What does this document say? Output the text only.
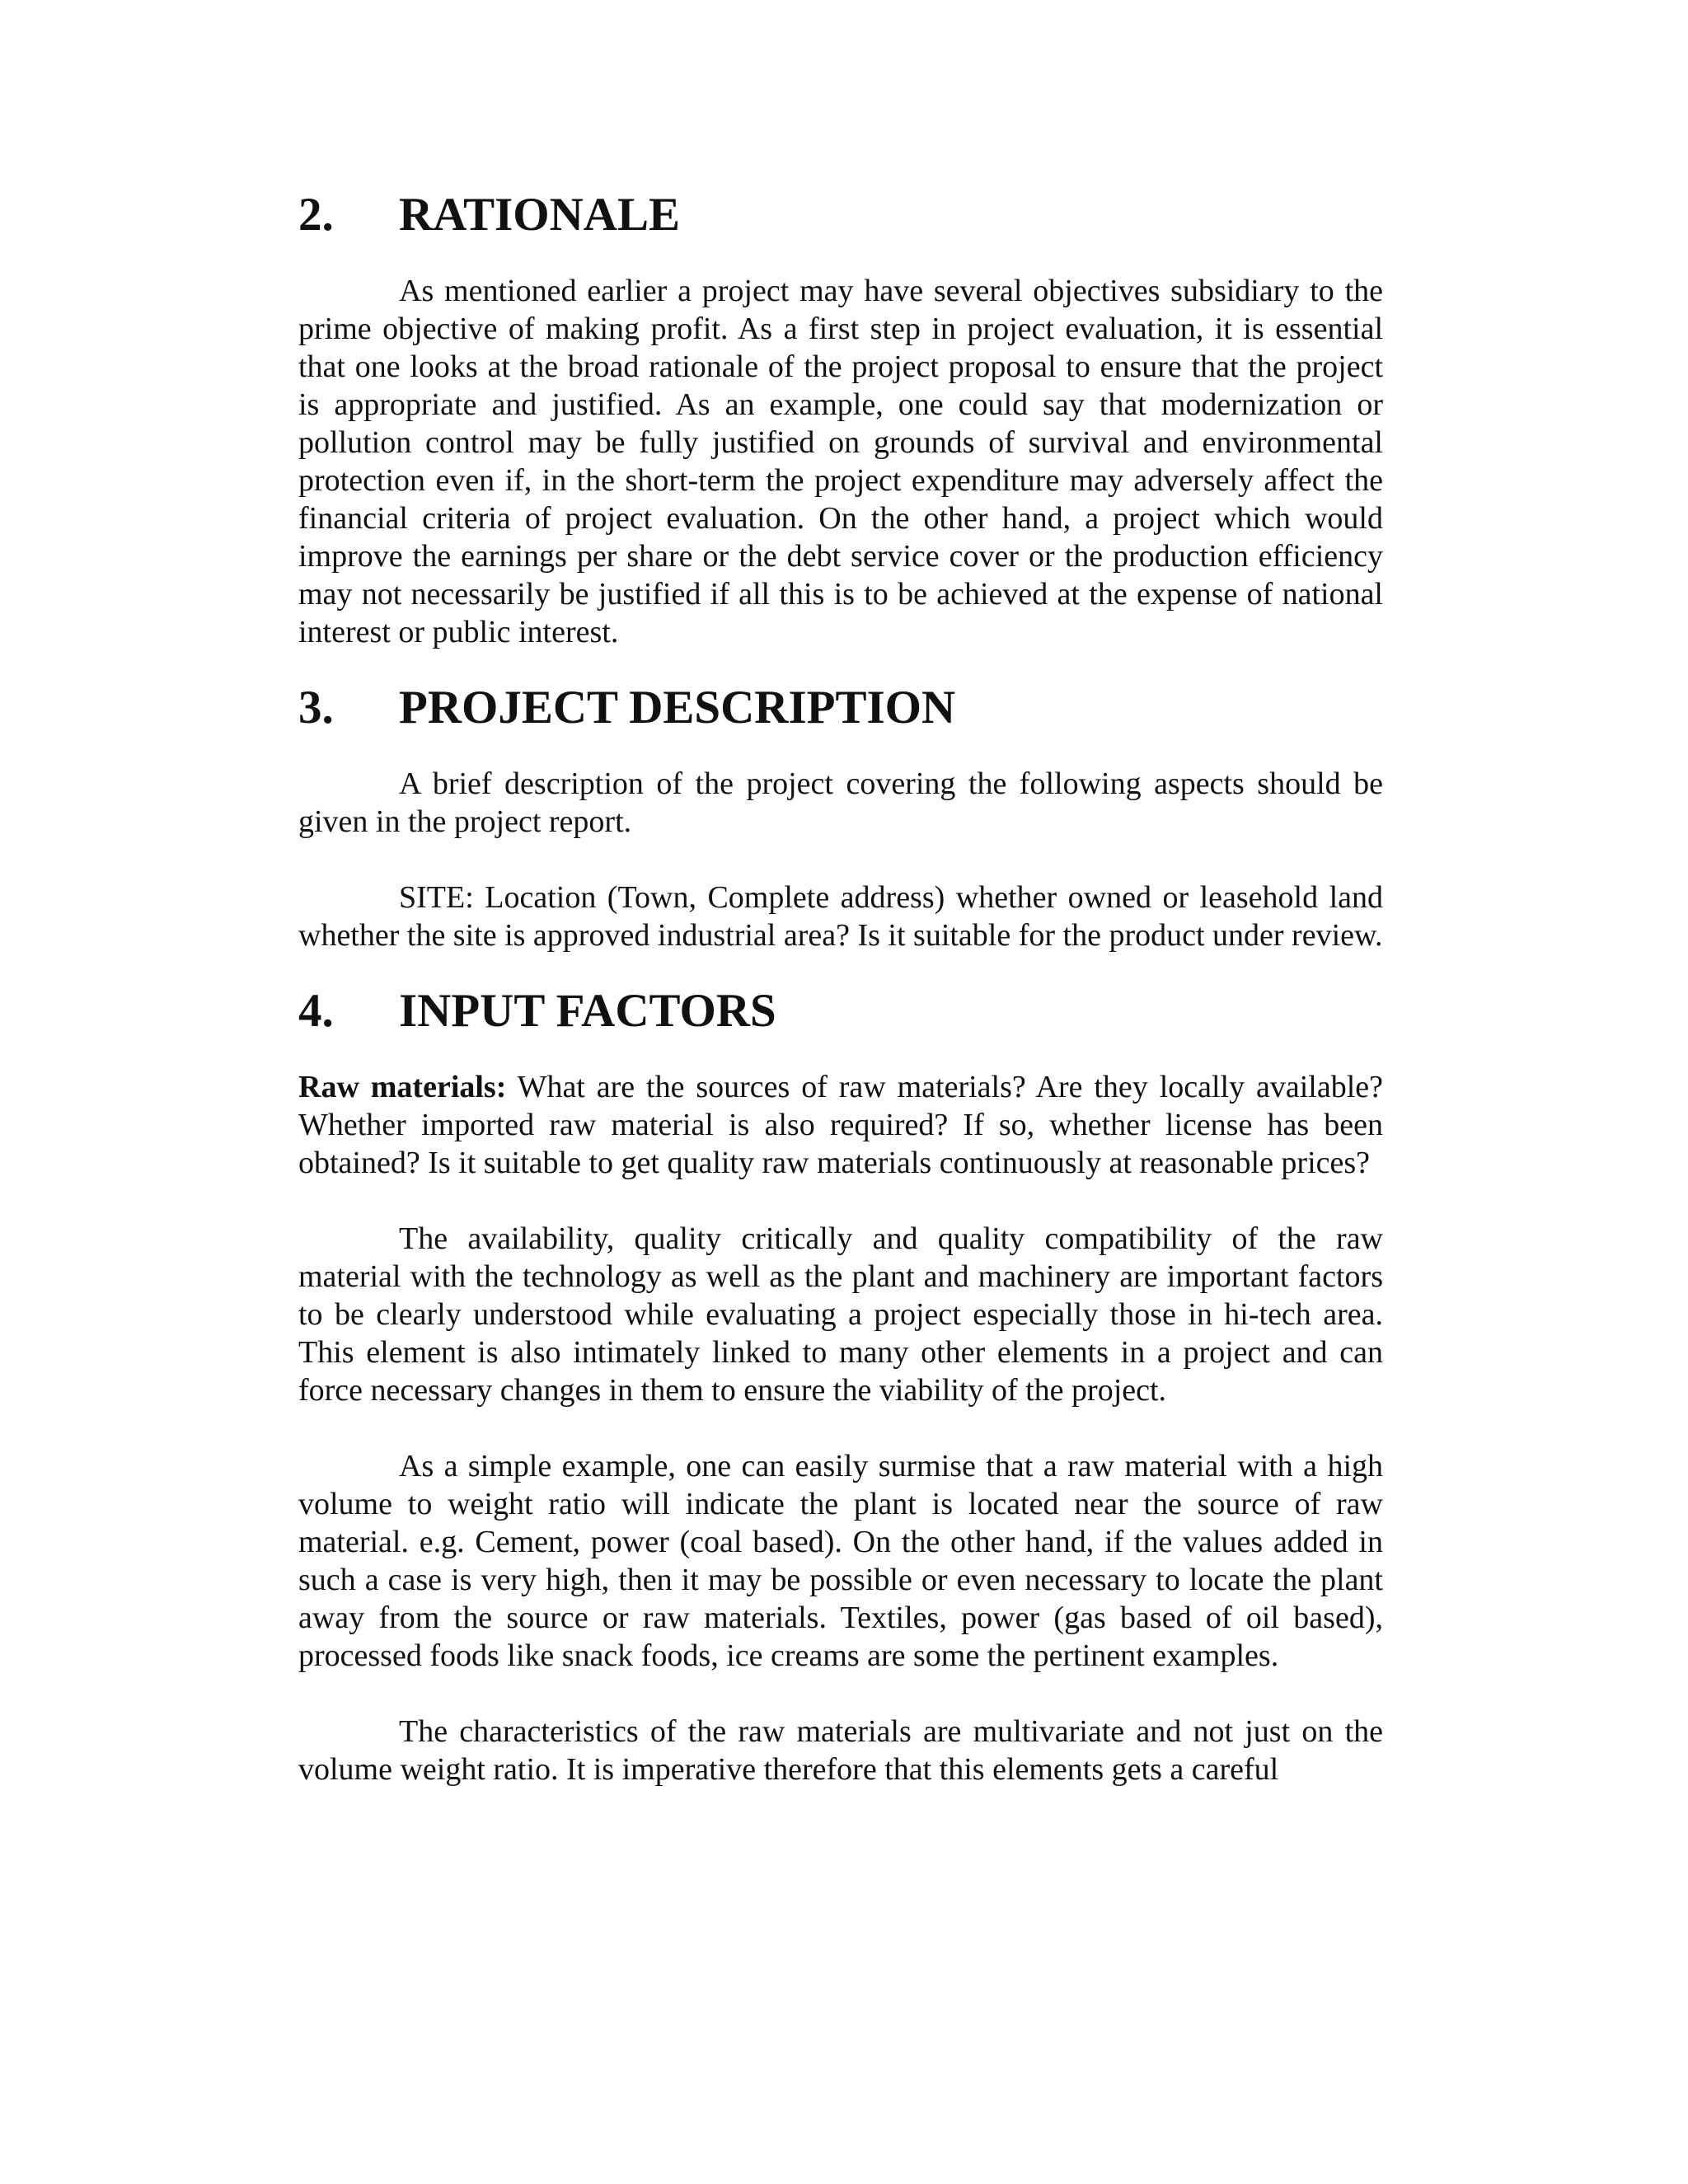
2.	RATIONALE

As mentioned earlier a project may have several objectives subsidiary to the prime objective of making profit. As a first step in project evaluation, it is essential that one looks at the broad rationale of the project proposal to ensure that the project is appropriate and justified. As an example, one could say that modernization or pollution control may be fully justified on grounds of survival and environmental protection even if, in the short-term the project expenditure may adversely affect the financial criteria of project evaluation. On the other hand, a project which would improve the earnings per share or the debt service cover or the production efficiency may not necessarily be justified if all this is to be achieved at the expense of national interest or public interest.

3.	PROJECT DESCRIPTION

A brief description of the project covering the following aspects should be given in the project report.

SITE: Location (Town, Complete address) whether owned or leasehold land whether the site is approved industrial area? Is it suitable for the product under review.

4.	INPUT FACTORS

Raw materials: What are the sources of raw materials? Are they locally available? Whether imported raw material is also required? If so, whether license has been obtained? Is it suitable to get quality raw materials continuously at reasonable prices?

The availability, quality critically and quality compatibility of the raw material with the technology as well as the plant and machinery are important factors to be clearly understood while evaluating a project especially those in hi-tech area. This element is also intimately linked to many other elements in a project and can force necessary changes in them to ensure the viability of the project.

As a simple example, one can easily surmise that a raw material with a high volume to weight ratio will indicate the plant is located near the source of raw material. e.g. Cement, power (coal based). On the other hand, if the values added in such a case is very high, then it may be possible or even necessary to locate the plant away from the source or raw materials. Textiles, power (gas based of oil based), processed foods like snack foods, ice creams are some the pertinent examples.

The characteristics of the raw materials are multivariate and not just on the volume weight ratio. It is imperative therefore that this elements gets a careful
